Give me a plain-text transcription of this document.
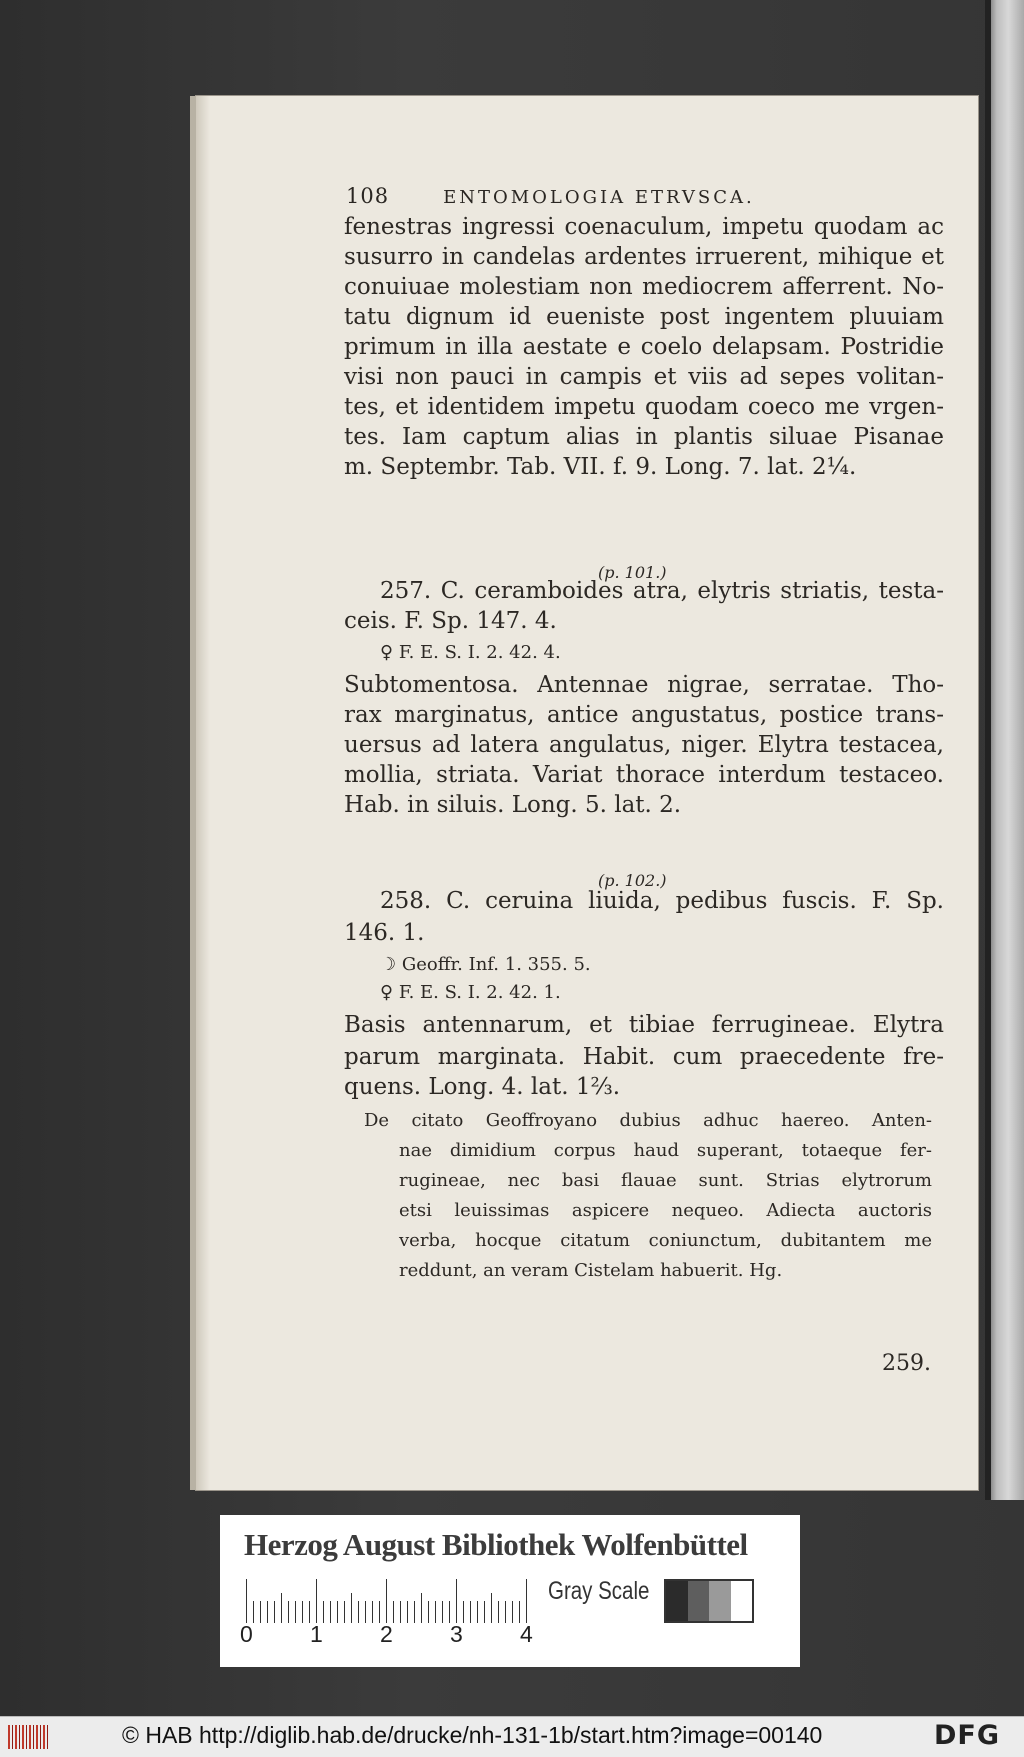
108	ENTOMOLOGIA ETRVSCA.
fenestras ingressi coenaculum, impetu quodam ac
susurro in candelas ardentes irruerent, mihique et
conuiuae molestiam non mediocrem afferrent. No-
tatu dignum id eueniste post ingentem pluuiam
primum in illa aestate e coelo delapsam. Postridie
visi non pauci in campis et viis ad sepes volitan-
tes, et identidem impetu quodam coeco me vrgen-
tes. Iam captum alias in plantis siluae Pisanae
m. Septembr. Tab. VII. f. 9. Long. 7. lat. 2¼.
(p. 101.)
257. C. ceramboides atra, elytris striatis, testa-
ceis. F. Sp. 147. 4.
♀ F. E. S. I. 2. 42. 4.
Subtomentosa. Antennae nigrae, serratae. Tho-
rax marginatus, antice angustatus, postice trans-
uersus ad latera angulatus, niger. Elytra testacea,
mollia, striata. Variat thorace interdum testaceo.
Hab. in siluis. Long. 5. lat. 2.
(p. 102.)
258. C. ceruina liuida, pedibus fuscis. F. Sp.
146. 1.
☽ Geoffr. Inf. 1. 355. 5.
♀ F. E. S. I. 2. 42. 1.
Basis antennarum, et tibiae ferrugineae. Elytra
parum marginata. Habit. cum praecedente fre-
quens. Long. 4. lat. 1⅔.
De citato Geoffroyano dubius adhuc haereo. Anten-
nae dimidium corpus haud superant, totaeque fer-
rugineae, nec basi flauae sunt. Strias elytrorum
etsi leuissimas aspicere nequeo. Adiecta auctoris
verba, hocque citatum coniunctum, dubitantem me
reddunt, an veram Cistelam habuerit. Hg.
259.
Herzog August Bibliothek Wolfenbüttel
0 1 2 3 4
Gray Scale
© HAB http://diglib.hab.de/drucke/nh-131-1b/start.htm?image=00140	DFG
